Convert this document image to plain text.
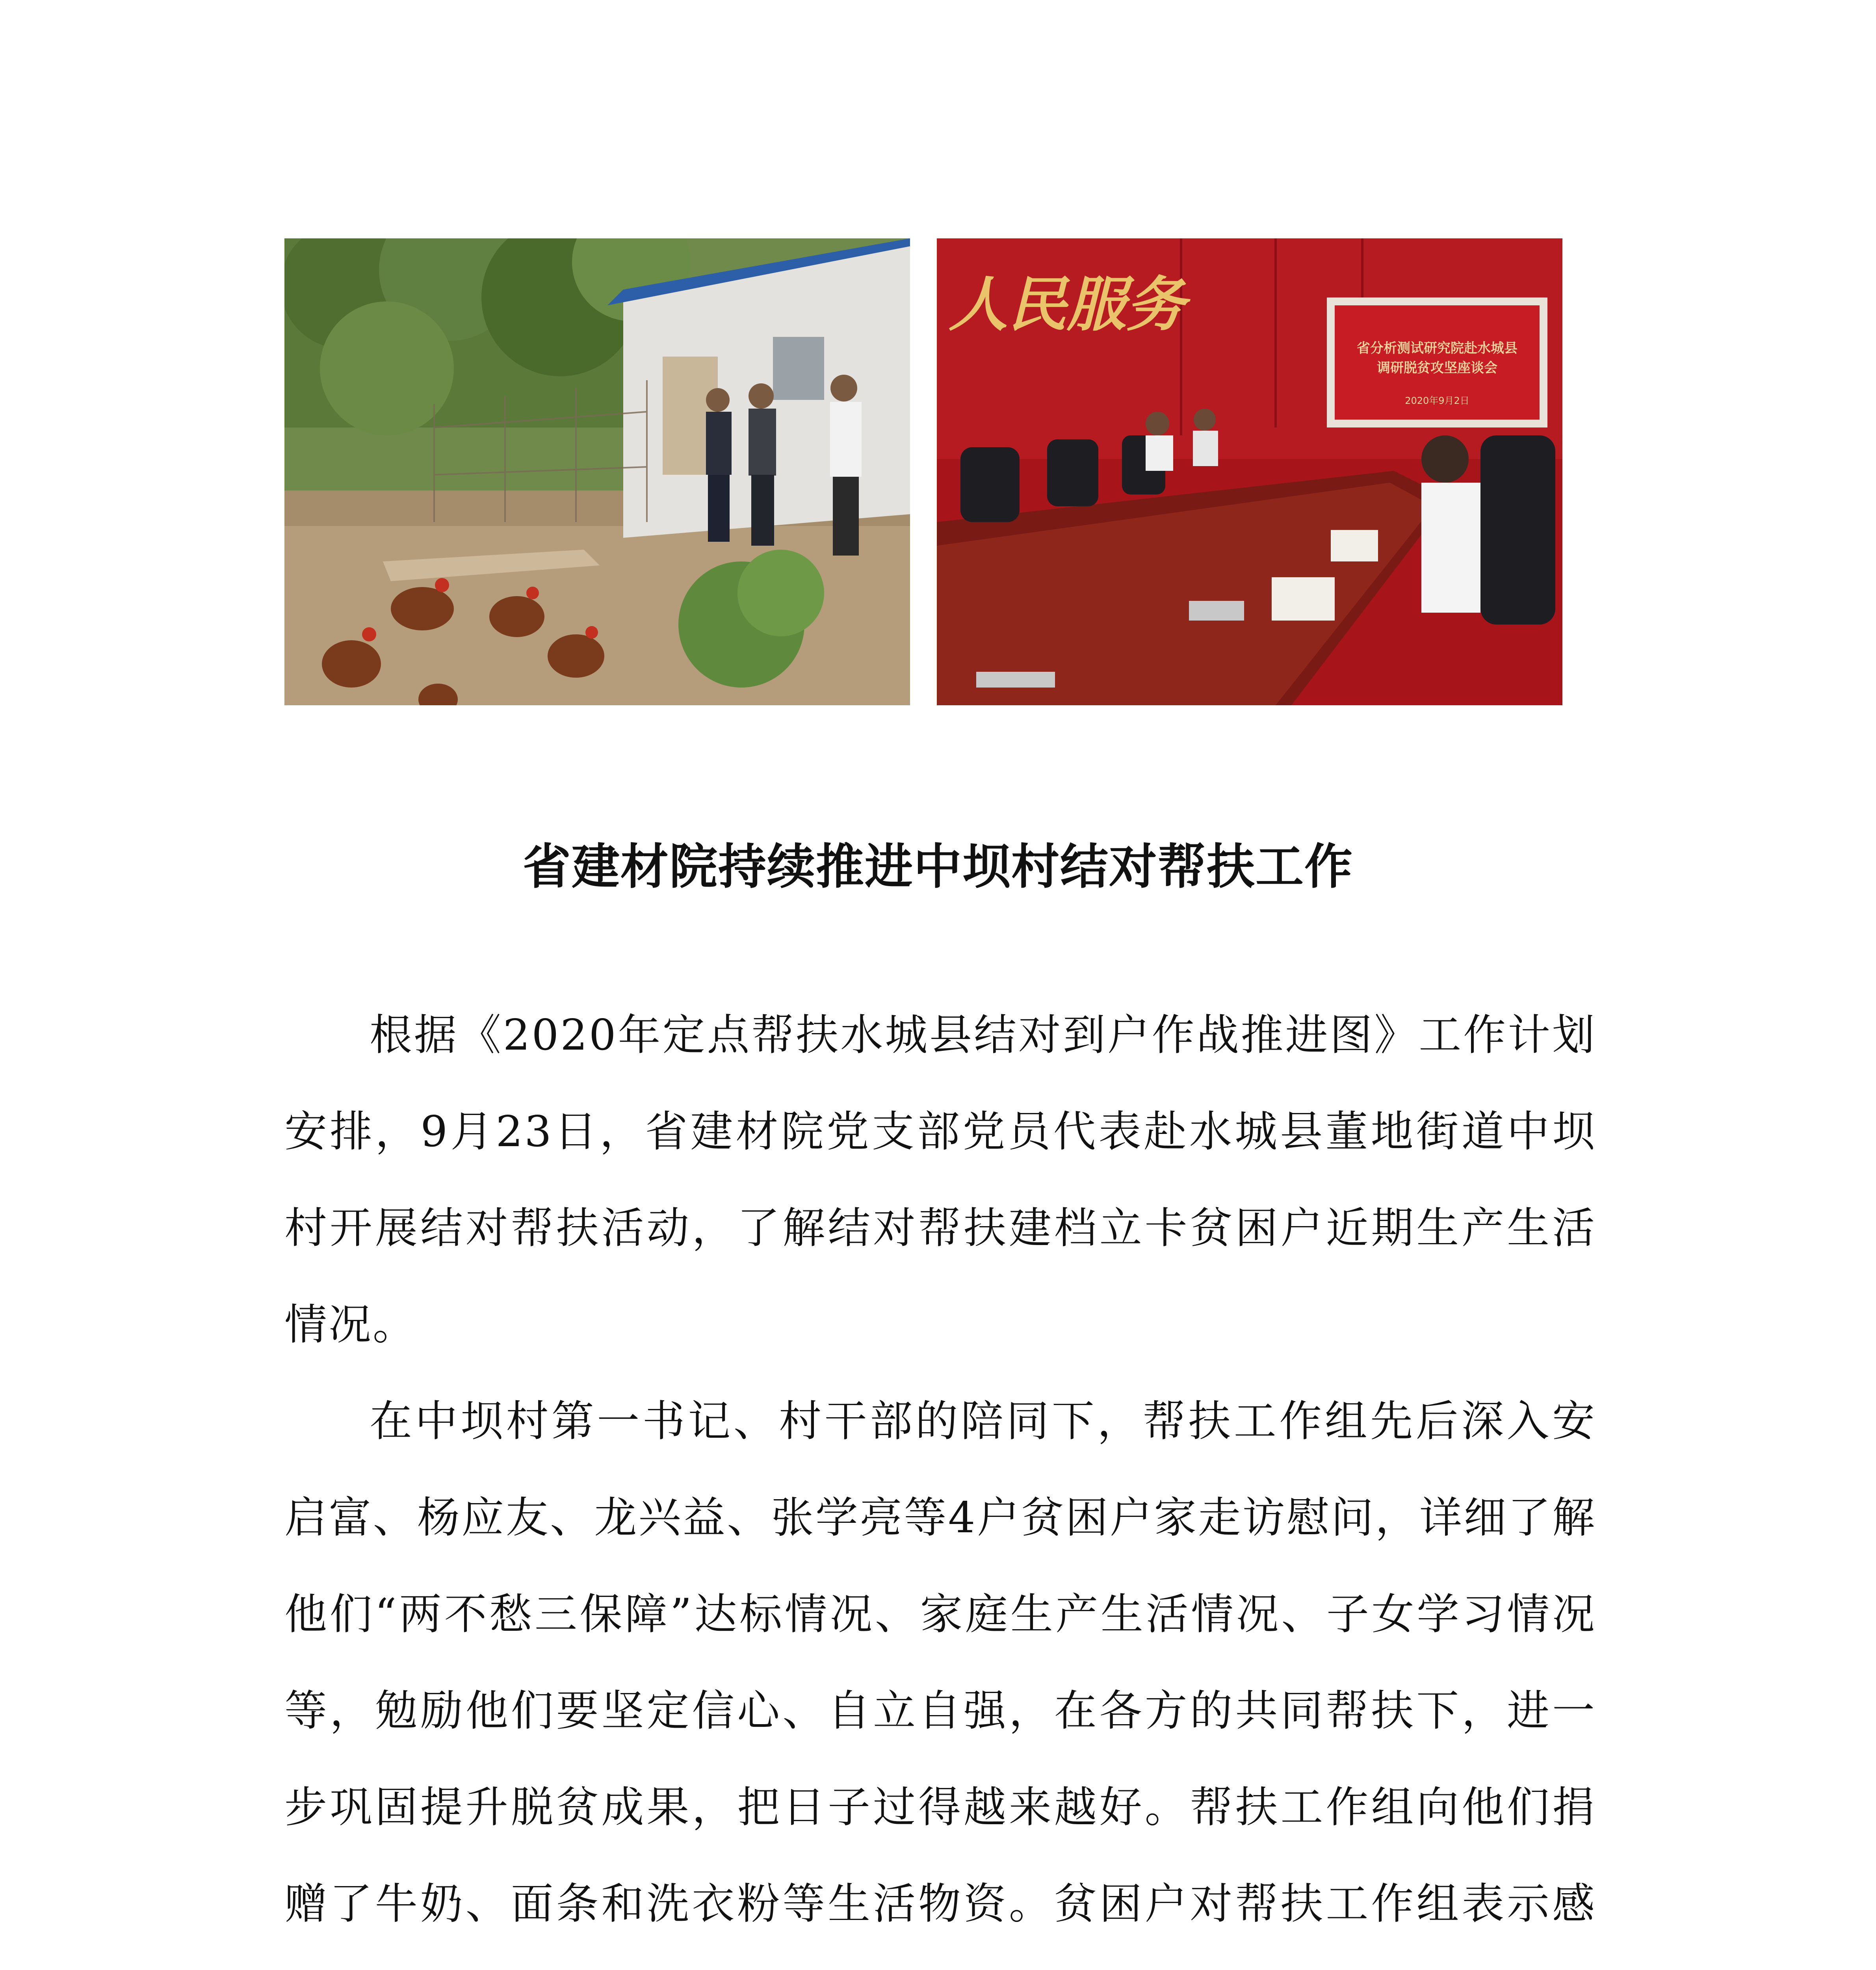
人民服务
省分析测试研究院赴水城县
调研脱贫攻坚座谈会
2020年9月2日
省建材院持续推进中坝村结对帮扶工作

根据《2020年定点帮扶水城县结对到户作战推进图》工作计划安排，9月23日，省建材院党支部党员代表赴水城县董地街道中坝村开展结对帮扶活动，了解结对帮扶建档立卡贫困户近期生产生活情况。

在中坝村第一书记、村干部的陪同下，帮扶工作组先后深入安启富、杨应友、龙兴益、张学亮等4户贫困户家走访慰问，详细了解他们“两不愁三保障”达标情况、家庭生产生活情况、子女学习情况等，勉励他们要坚定信心、自立自强，在各方的共同帮扶下，进一步巩固提升脱贫成果，把日子过得越来越好。帮扶工作组向他们捐赠了牛奶、面条和洗衣粉等生活物资。贫困户对帮扶工作组表示感
